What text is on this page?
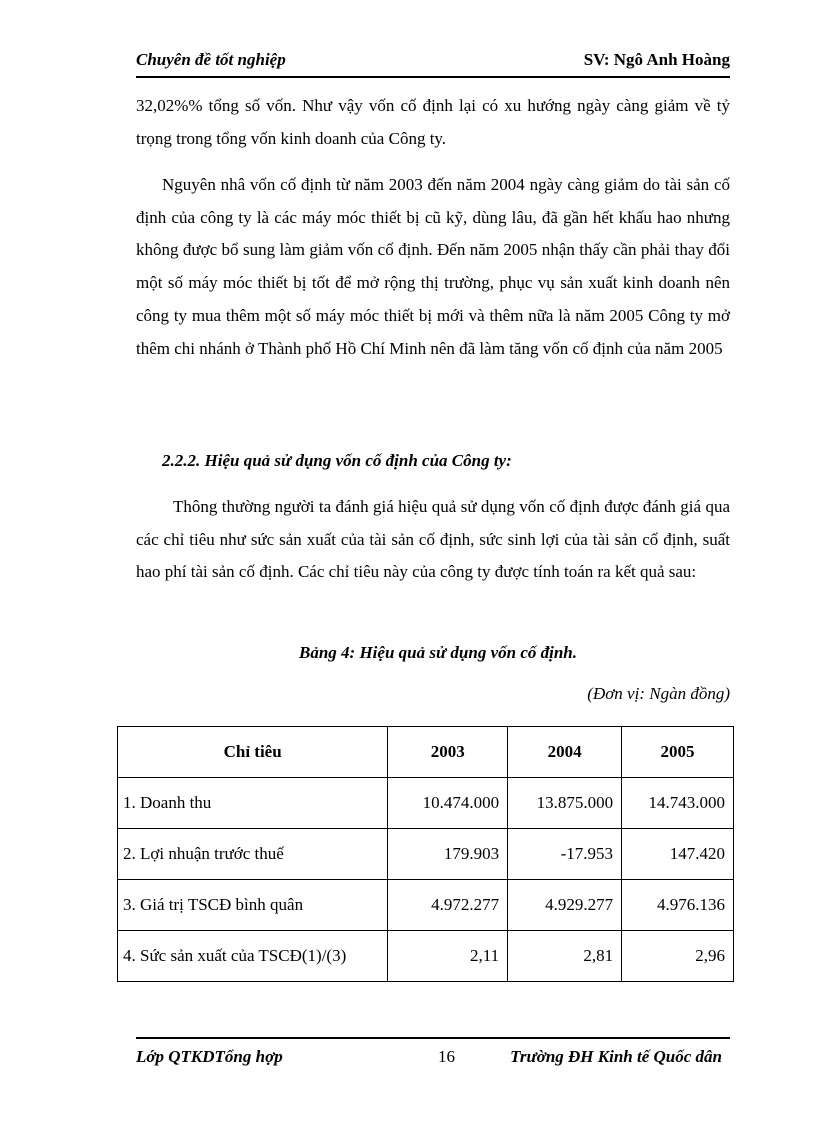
Chuyên đề tốt nghiệp	SV: Ngô Anh Hoàng
32,02%% tổng số vốn. Như vậy vốn cố định lại có xu hướng ngày càng giảm về tỷ trọng trong tổng vốn kinh doanh của Công ty.
Nguyên nhâ vốn cố định từ năm 2003 đến năm 2004 ngày càng giảm do tài sản cố định của công ty là các máy móc thiết bị cũ kỹ, dùng lâu, đã gần hết khấu hao nhưng không được bổ sung làm giảm vốn cố định. Đến năm 2005 nhận thấy cần phải thay đổi một số máy móc thiết bị tốt để mở rộng thị trường, phục vụ sản xuất kinh doanh nên công ty mua thêm một số máy móc thiết bị mới và thêm nữa là năm 2005 Công ty mở thêm chi nhánh ở Thành phố Hồ Chí Minh nên đã làm tăng vốn cố định của năm 2005
2.2.2. Hiệu quả sử dụng vốn cố định của Công ty:
Thông thường người ta đánh giá hiệu quả sử dụng vốn cố định được đánh giá qua các chỉ tiêu như sức sản xuất của tài sản cố định, sức sinh lợi của tài sản cố định, suất hao phí tài sản cố định. Các chỉ tiêu này của công ty được tính toán ra kết quả sau:
Bảng 4: Hiệu quả sử dụng vốn cố định.
(Đơn vị: Ngàn đồng)
Chỉ tiêu	2003	2004	2005
1. Doanh thu	10.474.000	13.875.000	14.743.000
2. Lợi nhuận trước thuế	179.903	-17.953	147.420
3. Giá trị TSCĐ bình quân	4.972.277	4.929.277	4.976.136
4. Sức sản xuất của TSCĐ(1)/(3)	2,11	2,81	2,96
Lớp QTKDTổng hợp	16	Trường ĐH Kinh tế Quốc dân
